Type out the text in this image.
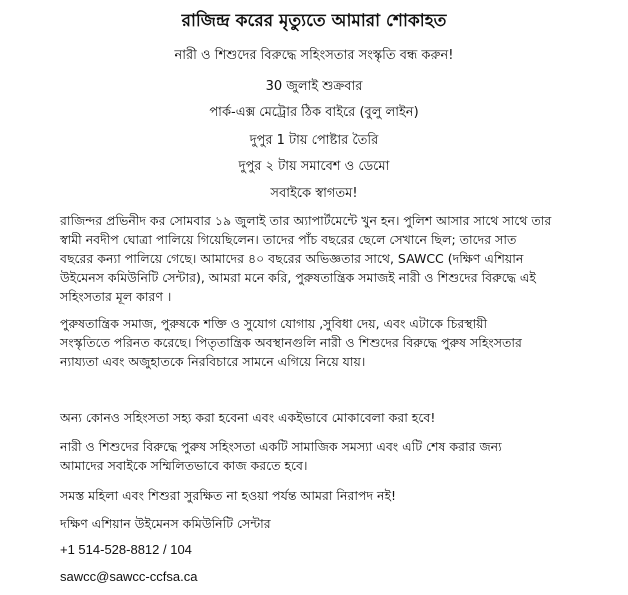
রাজিন্দ্র করের মৃত্যুতে আমারা শোকাহত

নারী ও শিশুদের বিরুদ্ধে সহিংসতার সংস্কৃতি বন্ধ করুন!

30 জুলাই শুক্রবার

পার্ক-এক্স মেট্রোর ঠিক বাইরে (বুলু লাইন)

দুপুর 1 টায় পোষ্টার তৈরি

দুপুর ২ টায় সমাবেশ ও ডেমো

সবাইকে স্বাগতম!

রাজিন্দর প্রভিনীদ কর সোমবার ১৯ জুলাই তার অ্যাপার্টমেন্টে খুন হন। পুলিশ আসার সাথে সাথে তার
স্বামী নবদীপ ঘোত্রা পালিয়ে গিয়েছিলেন। তাদের পাঁচ বছরের ছেলে সেখানে ছিল; তাদের সাত
বছরের কন্যা পালিয়ে গেছে। আমাদের ৪০ বছরের অভিজ্ঞতার সাথে, SAWCC (দক্ষিণ এশিয়ান
উইমেনস কমিউনিটি সেন্টার), আমরা মনে করি, পুরুষতান্ত্রিক সমাজই নারী ও শিশুদের বিরুদ্ধে এই
সহিংসতার মূল কারণ ।
পুরুষতান্ত্রিক সমাজ, পুরুষকে শক্তি ও সুযোগ যোগায় ,সুবিধা দেয়, এবং এটাকে চিরস্থায়ী
সংস্কৃতিতে পরিনত করেছে। পিতৃতান্ত্রিক অবস্থানগুলি নারী ও শিশুদের বিরুদ্ধে পুরুষ সহিংসতার
ন্যায্যতা এবং অজুহাতকে নিরবিচারে সামনে এগিয়ে নিয়ে যায়।
অন্য কোনও সহিংসতা সহ্য করা হবেনা এবং একইভাবে মোকাবেলা করা হবে!
নারী ও শিশুদের বিরুদ্ধে পুরুষ সহিংসতা একটি সামাজিক সমস্যা এবং এটি শেষ করার জন্য
আমাদের সবাইকে সম্মিলিতভাবে কাজ করতে হবে।
সমস্ত মহিলা এবং শিশুরা সুরক্ষিত না হওয়া পর্যন্ত আমরা নিরাপদ নই!

দক্ষিণ এশিয়ান উইমেনস কমিউনিটি সেন্টার

+1 514-528-8812 / 104

sawcc@sawcc-ccfsa.ca
